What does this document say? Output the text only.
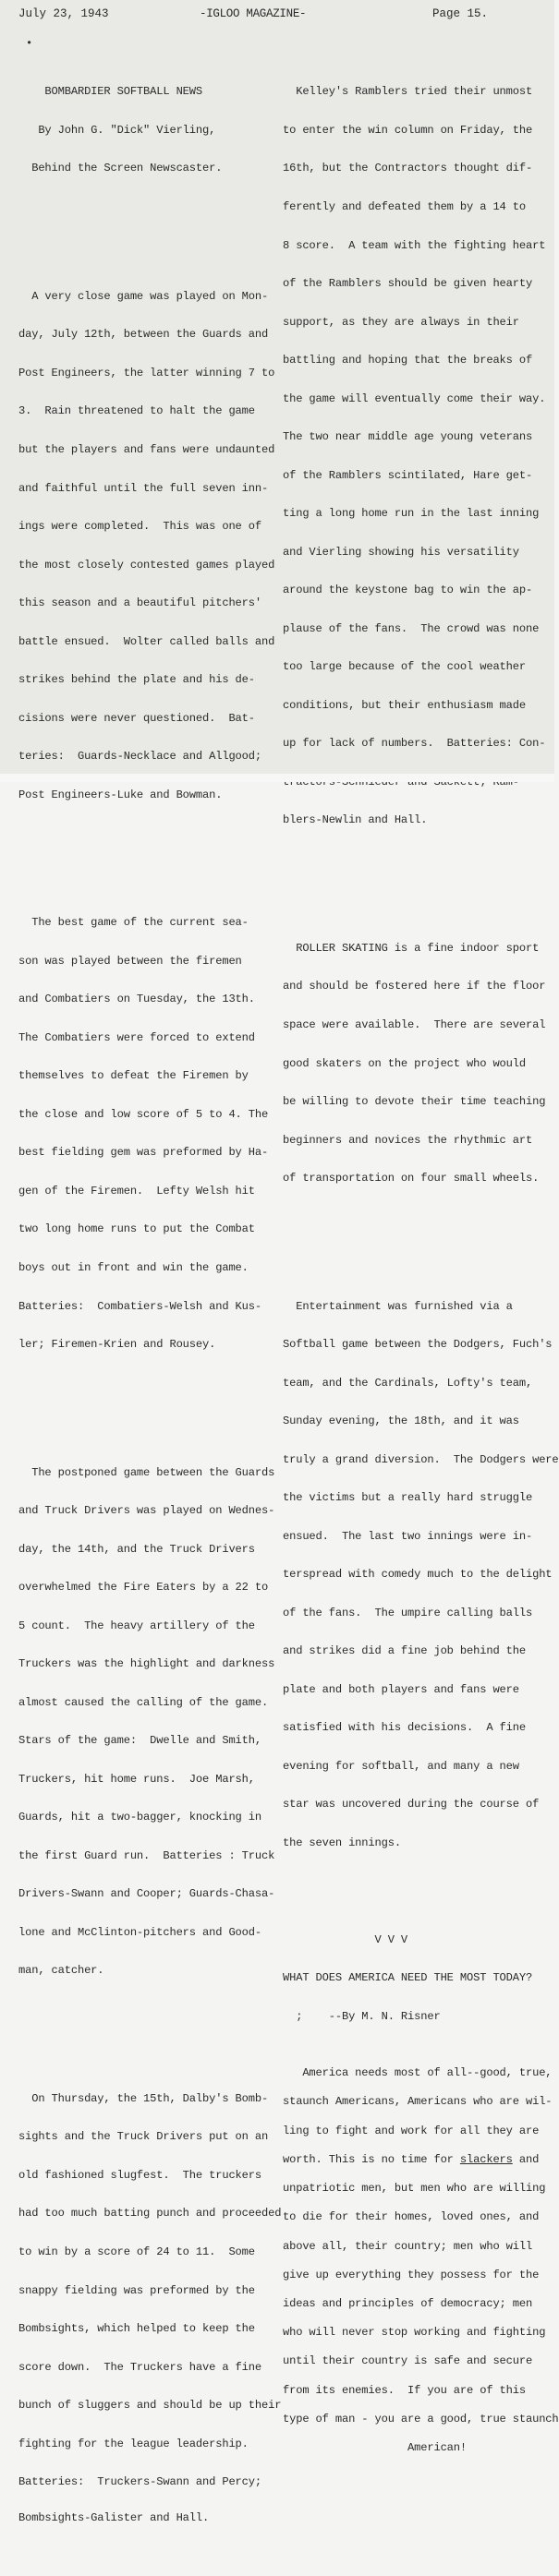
July 23, 1943	-IGLOO MAGAZINE-	Page 15.
•

BOMBARDIER SOFTBALL NEWS

By John G. "Dick" Vierling,

Behind the Screen Newscaster.

A very close game was played on Mon-

day, July 12th, between the Guards and

Post Engineers, the latter winning 7 to

3.  Rain threatened to halt the game

but the players and fans were undaunted

and faithful until the full seven inn-

ings were completed.  This was one of

the most closely contested games played

this season and a beautiful pitchers'

battle ensued.  Wolter called balls and

strikes behind the plate and his de-

cisions were never questioned.  Bat-

teries:  Guards-Necklace and Allgood;

Post Engineers-Luke and Bowman.

The best game of the current sea-

son was played between the firemen

and Combatiers on Tuesday, the 13th.

The Combatiers were forced to extend

themselves to defeat the Firemen by

the close and low score of 5 to 4. The

best fielding gem was preformed by Ha-

gen of the Firemen.  Lefty Welsh hit

two long home runs to put the Combat

boys out in front and win the game.

Batteries:  Combatiers-Welsh and Kus-

ler; Firemen-Krien and Rousey.

The postponed game between the Guards

and Truck Drivers was played on Wednes-

day, the 14th, and the Truck Drivers

overwhelmed the Fire Eaters by a 22 to

5 count.  The heavy artillery of the

Truckers was the highlight and darkness

almost caused the calling of the game.

Stars of the game:  Dwelle and Smith,

Truckers, hit home runs.  Joe Marsh,

Guards, hit a two-bagger, knocking in

the first Guard run.  Batteries : Truck

Drivers-Swann and Cooper; Guards-Chasa-

lone and McClinton-pitchers and Good-

man, catcher.

On Thursday, the 15th, Dalby's Bomb-

sights and the Truck Drivers put on an

old fashioned slugfest.  The truckers

had too much batting punch and proceeded

to win by a score of 24 to 11.  Some

snappy fielding was preformed by the

Bombsights, which helped to keep the

score down.  The Truckers have a fine

bunch of sluggers and should be up their

fighting for the league leadership.

Batteries:  Truckers-Swann and Percy;

Bombsights-Galister and Hall.

Kelley's Ramblers tried their unmost

to enter the win column on Friday, the

16th, but the Contractors thought dif-

ferently and defeated them by a 14 to

8 score.  A team with the fighting heart

of the Ramblers should be given hearty

support, as they are always in their

battling and hoping that the breaks of

the game will eventually come their way.

The two near middle age young veterans

of the Ramblers scintilated, Hare get-

ting a long home run in the last inning

and Vierling showing his versatility

around the keystone bag to win the ap-

plause of the fans.  The crowd was none

too large because of the cool weather

conditions, but their enthusiasm made

up for lack of numbers.  Batteries: Con-

blers-Newlin and Hall.

ROLLER SKATING is a fine indoor sport

and should be fostered here if the floor

space were available.  There are several

good skaters on the project who would

be willing to devote their time teaching

beginners and novices the rhythmic art

of transportation on four small wheels.

Entertainment was furnished via a

Softball game between the Dodgers, Fuch's

team, and the Cardinals, Lofty's team,

Sunday evening, the 18th, and it was

truly a grand diversion.  The Dodgers were

the victims but a really hard struggle

ensued.  The last two innings were in-

terspread with comedy much to the delight

of the fans.  The umpire calling balls

and strikes did a fine job behind the

plate and both players and fans were

satisfied with his decisions.  A fine

evening for softball, and many a new

star was uncovered during the course of

the seven innings.

V V V

WHAT DOES AMERICA NEED THE MOST TODAY?

;    --By M. N. Risner

America needs most of all--good, true,

staunch Americans, Americans who are wil-

ling to fight and work for all they are

worth. This is no time for slackers and

unpatriotic men, but men who are willing

to die for their homes, loved ones, and

above all, their country; men who will

give up everything they possess for the

ideas and principles of democracy; men

who will never stop working and fighting

until their country is safe and secure

from its enemies.  If you are of this

type of man - you are a good, true staunch

American!
